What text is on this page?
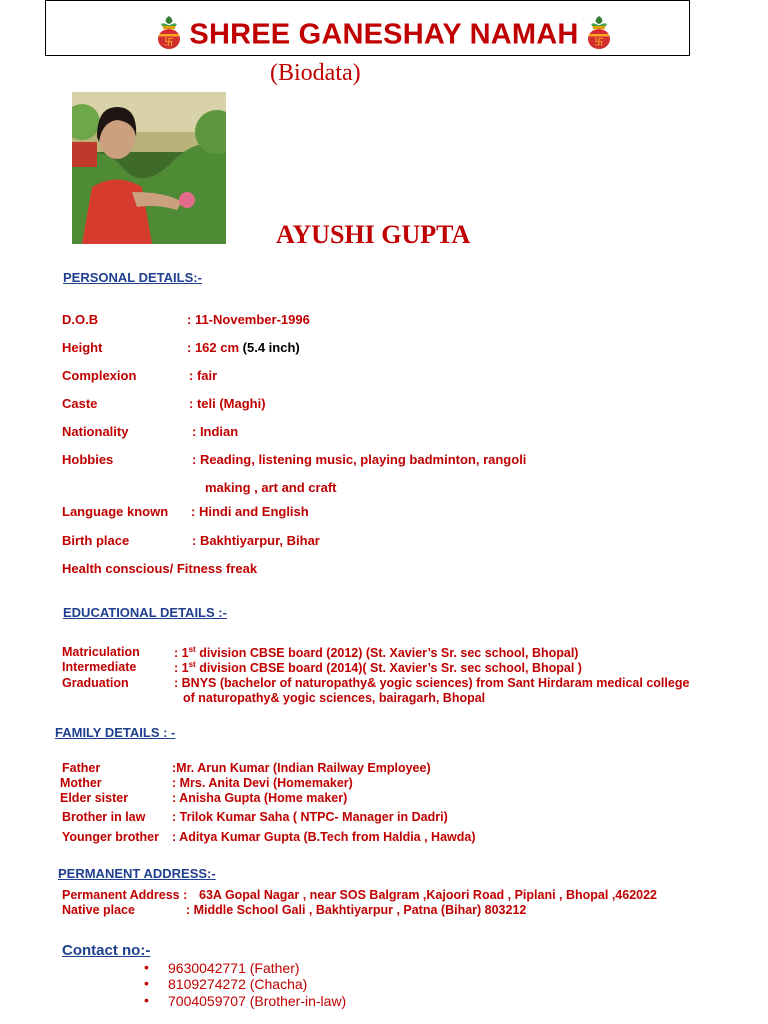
卐 SHREE GANESHAY NAMAH 卐
(Biodata)
AYUSHI GUPTA
PERSONAL DETAILS:-
D.O.B	: 11-November-1996
Height	: 162 cm (5.4 inch)
Complexion	: fair
Caste	: teli (Maghi)
Nationality	: Indian
Hobbies	: Reading, listening music, playing badminton, rangoli
making , art and craft
Language known : Hindi and English
Birth place	: Bakhtiyarpur, Bihar
Health conscious/ Fitness freak
EDUCATIONAL DETAILS :-
Matriculation	: 1st division CBSE board (2012) (St. Xavier’s Sr. sec school, Bhopal)
Intermediate	: 1st division CBSE board (2014)( St. Xavier’s Sr. sec school, Bhopal )
Graduation	: BNYS (bachelor of naturopathy& yogic sciences) from Sant Hirdaram medical college
of naturopathy& yogic sciences, bairagarh, Bhopal
FAMILY DETAILS : -
Father	:Mr. Arun Kumar (Indian Railway Employee)
Mother	: Mrs. Anita Devi (Homemaker)
Elder sister	: Anisha Gupta (Home maker)
Brother in law : Trilok Kumar Saha ( NTPC- Manager in Dadri)
Younger brother : Aditya Kumar Gupta (B.Tech from Haldia , Hawda)
PERMANENT ADDRESS:-
Permanent Address : 63A Gopal Nagar , near SOS Balgram ,Kajoori Road , Piplani , Bhopal ,462022
Native place	: Middle School Gali , Bakhtiyarpur , Patna (Bihar) 803212
Contact no:-
• 9630042771 (Father)
• 8109274272 (Chacha)
• 7004059707 (Brother-in-law)
